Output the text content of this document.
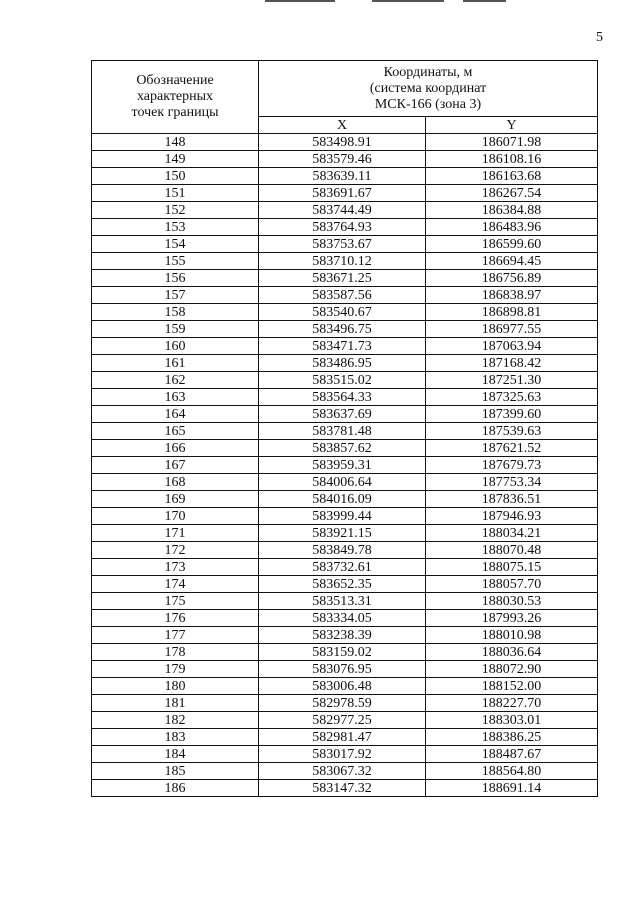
5
Обозначение
характерных
точек границы	Координаты, м
(система координат
МСК-166 (зона 3)	
	X	Y
148	583498.91	186071.98
149	583579.46	186108.16
150	583639.11	186163.68
151	583691.67	186267.54
152	583744.49	186384.88
153	583764.93	186483.96
154	583753.67	186599.60
155	583710.12	186694.45
156	583671.25	186756.89
157	583587.56	186838.97
158	583540.67	186898.81
159	583496.75	186977.55
160	583471.73	187063.94
161	583486.95	187168.42
162	583515.02	187251.30
163	583564.33	187325.63
164	583637.69	187399.60
165	583781.48	187539.63
166	583857.62	187621.52
167	583959.31	187679.73
168	584006.64	187753.34
169	584016.09	187836.51
170	583999.44	187946.93
171	583921.15	188034.21
172	583849.78	188070.48
173	583732.61	188075.15
174	583652.35	188057.70
175	583513.31	188030.53
176	583334.05	187993.26
177	583238.39	188010.98
178	583159.02	188036.64
179	583076.95	188072.90
180	583006.48	188152.00
181	582978.59	188227.70
182	582977.25	188303.01
183	582981.47	188386.25
184	583017.92	188487.67
185	583067.32	188564.80
186	583147.32	188691.14
